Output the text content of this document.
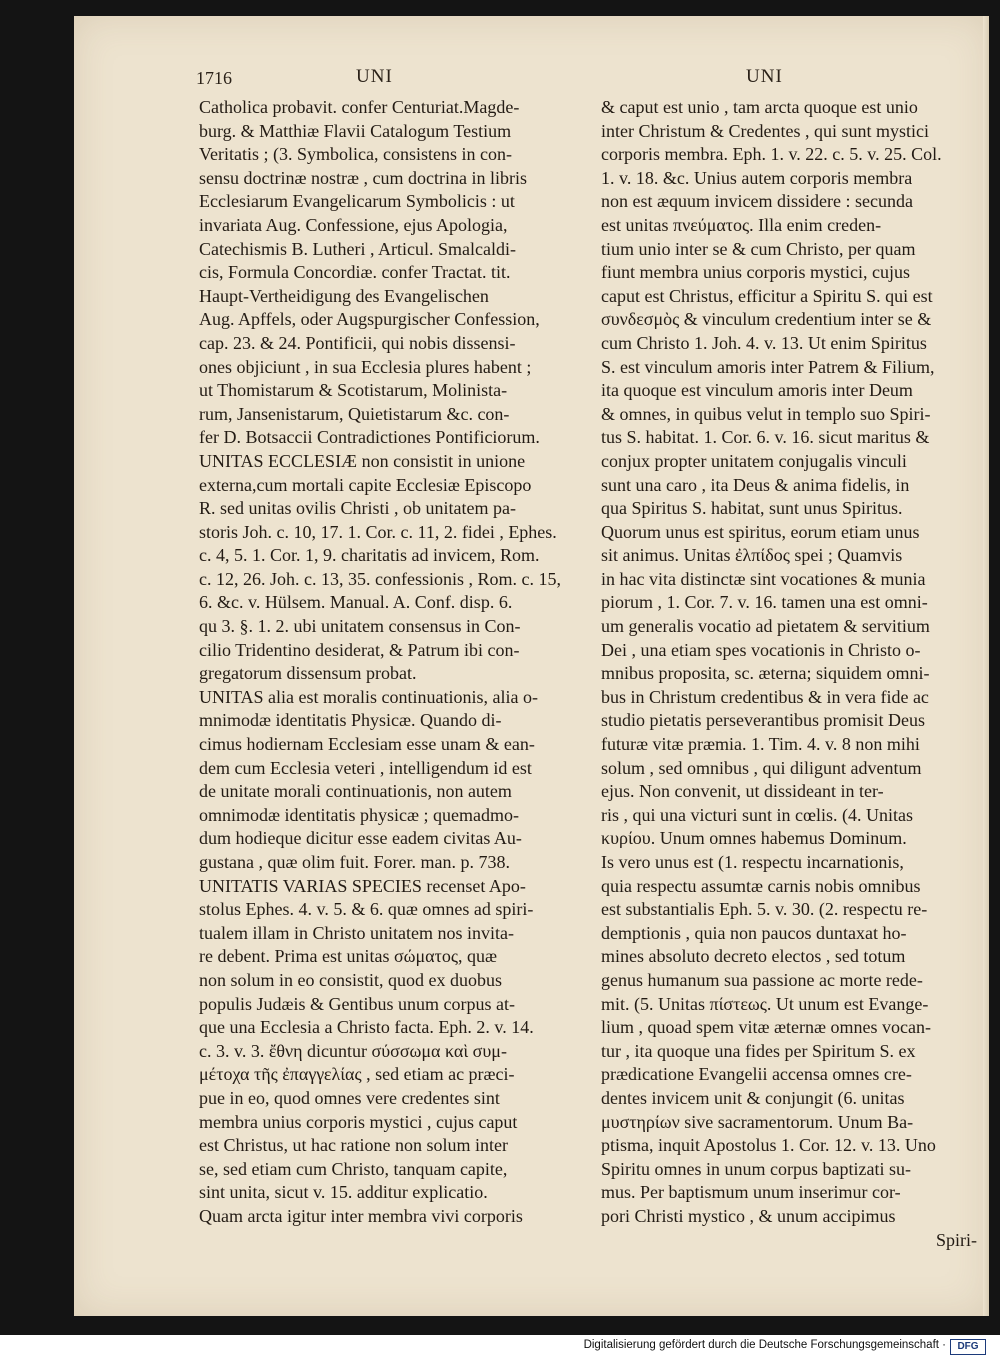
1716	UNI	UNI
Catholica probavit. confer Centuriat.Magde-
burg. & Matthiæ Flavii Catalogum Testium
Veritatis ; (3. Symbolica, consistens in con-
sensu doctrinæ nostræ , cum doctrina in libris
Ecclesiarum Evangelicarum Symbolicis : ut
invariata Aug. Confessione, ejus Apologia,
Catechismis B. Lutheri , Articul. Smalcaldi-
cis, Formula Concordiæ. confer Tractat. tit.
Haupt-Vertheidigung des Evangelischen
Aug. Apffels, oder Augspurgischer Confession,
cap. 23. & 24. Pontificii, qui nobis dissensi-
ones objiciunt , in sua Ecclesia plures habent ;
ut Thomistarum & Scotistarum, Molinista-
rum, Jansenistarum, Quietistarum &c. con-
fer D. Botsaccii Contradictiones Pontificiorum.
UNITAS ECCLESIÆ non consistit in unione
externa,cum mortali capite Ecclesiæ Episcopo
R. sed unitas ovilis Christi , ob unitatem pa-
storis Joh. c. 10, 17. 1. Cor. c. 11, 2. fidei , Ephes.
c. 4, 5. 1. Cor. 1, 9. charitatis ad invicem, Rom.
c. 12, 26. Joh. c. 13, 35. confessionis , Rom. c. 15,
6. &c. v. Hülsem. Manual. A. Conf. disp. 6.
qu 3. §. 1. 2. ubi unitatem consensus in Con-
cilio Tridentino desiderat, & Patrum ibi con-
gregatorum dissensum probat.
UNITAS alia est moralis continuationis, alia o-
mnimodæ identitatis Physicæ. Quando di-
cimus hodiernam Ecclesiam esse unam & ean-
dem cum Ecclesia veteri , intelligendum id est
de unitate morali continuationis, non autem
omnimodæ identitatis physicæ ; quemadmo-
dum hodieque dicitur esse eadem civitas Au-
gustana , quæ olim fuit. Forer. man. p. 738.
UNITATIS VARIAS SPECIES recenset Apo-
stolus Ephes. 4. v. 5. & 6. quæ omnes ad spiri-
tualem illam in Christo unitatem nos invita-
re debent. Prima est unitas σώματος, quæ
non solum in eo consistit, quod ex duobus
populis Judæis & Gentibus unum corpus at-
que una Ecclesia a Christo facta. Eph. 2. v. 14.
c. 3. v. 3. ἔθνη dicuntur σύσσωμα καὶ συμ-
μέτοχα τῆς ἐπαγγελίας , sed etiam ac præci-
pue in eo, quod omnes vere credentes sint
membra unius corporis mystici , cujus caput
est Christus, ut hac ratione non solum inter
se, sed etiam cum Christo, tanquam capite,
sint unita, sicut v. 15. additur explicatio.
Quam arcta igitur inter membra vivi corporis
& caput est unio , tam arcta quoque est unio
inter Christum & Credentes , qui sunt mystici
corporis membra. Eph. 1. v. 22. c. 5. v. 25. Col.
1. v. 18. &c. Unius autem corporis membra
non est æquum invicem dissidere : secunda
est unitas πνεύματος. Illa enim creden-
tium unio inter se & cum Christo, per quam
fiunt membra unius corporis mystici, cujus
caput est Christus, efficitur a Spiritu S. qui est
συνδεσμὸς & vinculum credentium inter se &
cum Christo 1. Joh. 4. v. 13. Ut enim Spiritus
S. est vinculum amoris inter Patrem & Filium,
ita quoque est vinculum amoris inter Deum
& omnes, in quibus velut in templo suo Spiri-
tus S. habitat. 1. Cor. 6. v. 16. sicut maritus &
conjux propter unitatem conjugalis vinculi
sunt una caro , ita Deus & anima fidelis, in
qua Spiritus S. habitat, sunt unus Spiritus.
Quorum unus est spiritus, eorum etiam unus
sit animus. Unitas ἐλπίδος spei ; Quamvis
in hac vita distinctæ sint vocationes & munia
piorum , 1. Cor. 7. v. 16. tamen una est omni-
um generalis vocatio ad pietatem & servitium
Dei , una etiam spes vocationis in Christo o-
mnibus proposita, sc. æterna; siquidem omni-
bus in Christum credentibus & in vera fide ac
studio pietatis perseverantibus promisit Deus
futuræ vitæ præmia. 1. Tim. 4. v. 8 non mihi
solum , sed omnibus , qui diligunt adventum
ejus. Non convenit, ut dissideant in ter-
ris , qui una victuri sunt in cœlis. (4. Unitas
κυρίου. Unum omnes habemus Dominum.
Is vero unus est (1. respectu incarnationis,
quia respectu assumtæ carnis nobis omnibus
est substantialis Eph. 5. v. 30. (2. respectu re-
demptionis , quia non paucos duntaxat ho-
mines absoluto decreto electos , sed totum
genus humanum sua passione ac morte rede-
mit. (5. Unitas πίστεως. Ut unum est Evange-
lium , quoad spem vitæ æternæ omnes vocan-
tur , ita quoque una fides per Spiritum S. ex
prædicatione Evangelii accensa omnes cre-
dentes invicem unit & conjungit (6. unitas
μυστηρίων sive sacramentorum. Unum Ba-
ptisma, inquit Apostolus 1. Cor. 12. v. 13. Uno
Spiritu omnes in unum corpus baptizati su-
mus. Per baptismum unum inserimur cor-
pori Christi mystico , & unum accipimus
Spiri-
Digitalisierung gefördert durch die Deutsche Forschungsgemeinschaft ·	DFG
